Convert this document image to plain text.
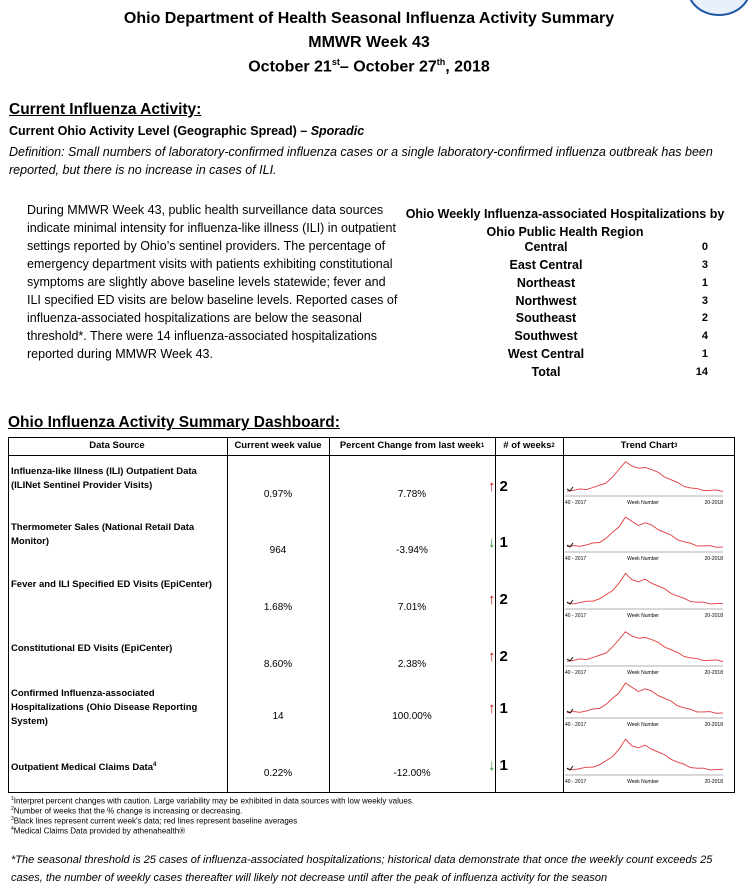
Ohio Department of Health Seasonal Influenza Activity Summary
MMWR Week 43
October 21st– October 27th, 2018
Current Influenza Activity:
Current Ohio Activity Level (Geographic Spread) – Sporadic
Definition: Small numbers of laboratory-confirmed influenza cases or a single laboratory-confirmed influenza outbreak has been reported, but there is no increase in cases of ILI.
During MMWR Week 43, public health surveillance data sources indicate minimal intensity for influenza-like illness (ILI) in outpatient settings reported by Ohio’s sentinel providers. The percentage of emergency department visits with patients exhibiting constitutional symptoms are slightly above baseline levels statewide; fever and ILI specified ED visits are below baseline levels. Reported cases of influenza-associated hospitalizations are below the seasonal threshold*. There were 14 influenza-associated hospitalizations reported during MMWR Week 43.
Ohio Weekly Influenza-associated Hospitalizations by Ohio Public Health Region
Central	0
East Central	3
Northeast	1
Northwest	3
Southeast	2
Southwest	4
West Central	1
Total	14
Ohio Influenza Activity Summary Dashboard:
Data Source	Current week value	Percent Change from last week$^1$	# of weeks$^2$	Trend Chart$^3$
Influenza-like Illness (ILI) Outpatient Data (ILINet Sentinel Provider Visits)
0.97%	7.78%	↑ 2
40 - 2017	Week Number	20-2018
Thermometer Sales (National Retail Data Monitor)
964	-3.94%	↓ 1
40 - 2017	Week Number	20-2018
Fever and ILI Specified ED Visits (EpiCenter)
1.68%	7.01%	↑ 2
40 - 2017	Week Number	20-2018
Constitutional ED Visits (EpiCenter)
8.60%	2.38%	↑ 2
40 - 2017	Week Number	20-2018
Confirmed Influenza-associated Hospitalizations (Ohio Disease Reporting System)	14	100.00%	↑ 1
40 - 2017	Week Number	20-2018
Outpatient Medical Claims Data$^4$
0.22%	-12.00%	↓ 1
40 - 2017	Week Number	20-2018
$^1$Interpret percent changes with caution. Large variability may be exhibited in data sources with low weekly values.
$^2$Number of weeks that the % change is increasing or decreasing.
$^3$Black lines represent current week's data; red lines represent baseline averages
$^4$Medical Claims Data provided by athenahealth®
*The seasonal threshold is 25 cases of influenza-associated hospitalizations; historical data demonstrate that once the weekly count exceeds 25 cases, the number of weekly cases thereafter will likely not decrease until after the peak of influenza activity for the season
